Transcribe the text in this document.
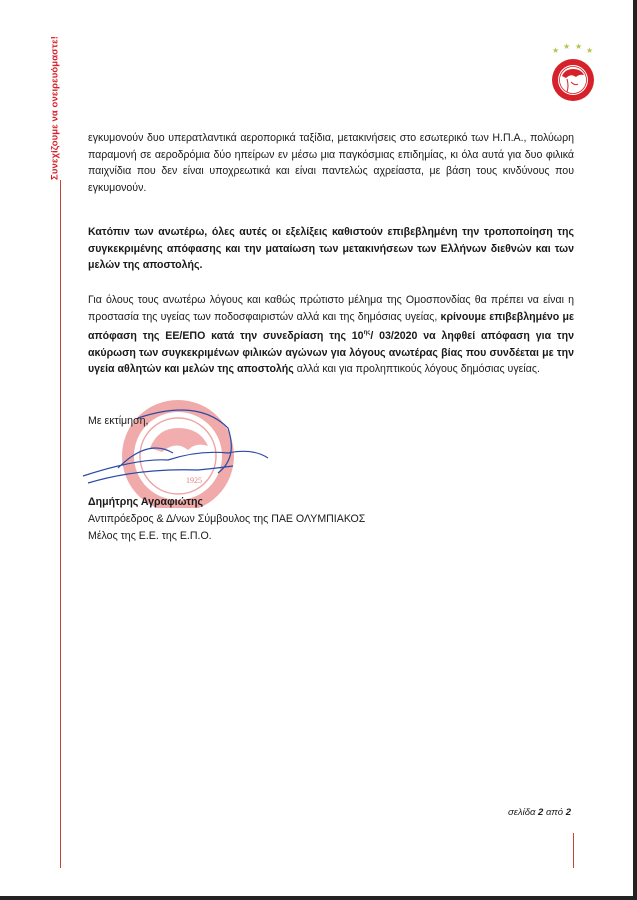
Συνεχίζουμε να ονειρευόμαστε!	★ ★ ★ ★

εγκυμονούν δυο υπερατλαντικά αεροπορικά ταξίδια, μετακινήσεις στο εσωτερικό των Η.Π.Α., πολύωρη παραμονή σε αεροδρόμια δύο ηπείρων εν μέσω μια παγκόσμιας επιδημίας, κι όλα αυτά για δυο φιλικά παιχνίδια που δεν είναι υποχρεωτικά και είναι παντελώς αχρείαστα, με βάση τους κινδύνους που εγκυμονούν.

Κατόπιν των ανωτέρω, όλες αυτές οι εξελίξεις καθιστούν επιβεβλημένη την τροποποίηση της συγκεκριμένης απόφασης και την ματαίωση των μετακινήσεων των Ελλήνων διεθνών και των μελών της αποστολής.

Για όλους τους ανωτέρω λόγους και καθώς πρώτιστο μέλημα της Ομοσπονδίας θα πρέπει να είναι η προστασία της υγείας των ποδοσφαιριστών αλλά και της δημόσιας υγείας, κρίνουμε επιβεβλημένο με απόφαση της ΕΕ/ΕΠΟ κατά την συνεδρίαση της $10^{\eta\varsigma}/$ 03/2020 να ληφθεί απόφαση για την ακύρωση των συγκεκριμένων φιλικών αγώνων για λόγους ανωτέρας βίας που συνδέεται με την υγεία αθλητών και μελών της αποστολής αλλά και για προληπτικούς λόγους δημόσιας υγείας.

1925
Με εκτίμηση,
Δημήτρης Αγραφιώτης
Αντιπρόεδρος & Δ/νων Σύμβουλος της ΠΑΕ ΟΛΥΜΠΙΑΚΟΣ
Μέλος της Ε.Ε. της Ε.Π.Ο.
σελίδα 2 από 2
